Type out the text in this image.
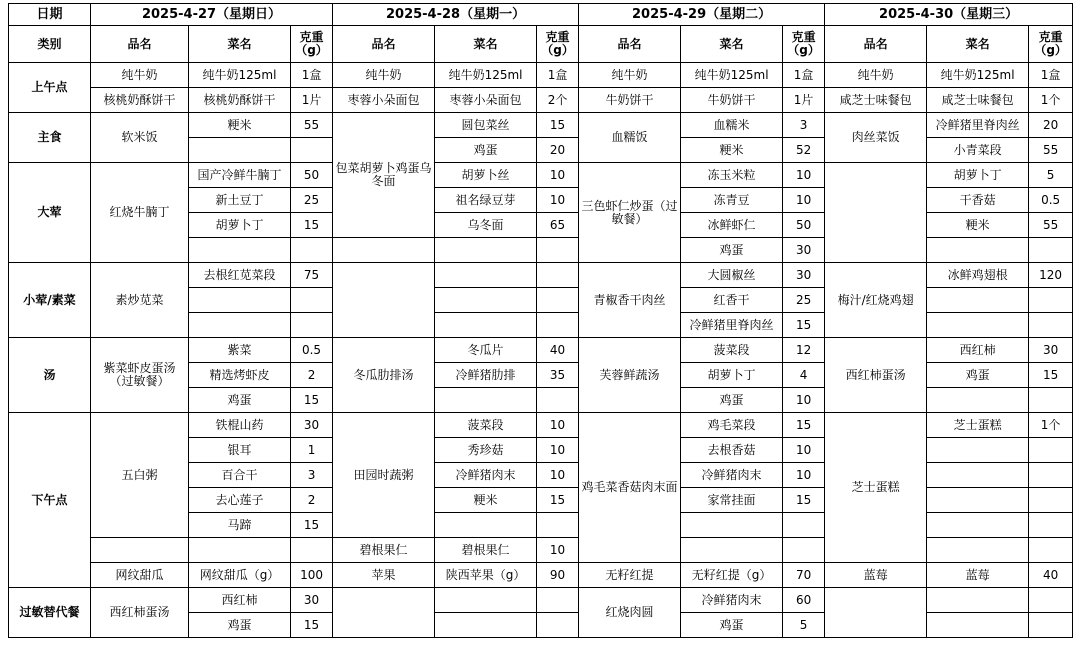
日期	2025-4-27（星期日）			2025-4-28（星期一）			2025-4-29（星期二）			2025-4-30（星期三）		
类别	品名	菜名	克重（g）	品名	菜名	克重（g）	品名	菜名	克重（g）	品名	菜名	克重（g）
上午点	纯牛奶	纯牛奶125ml	1盒	纯牛奶	纯牛奶125ml	1盒	纯牛奶	纯牛奶125ml	1盒	纯牛奶	纯牛奶125ml	1盒
	核桃奶酥饼干	核桃奶酥饼干	1片	枣蓉小朵面包	枣蓉小朵面包	2个	牛奶饼干	牛奶饼干	1片	咸芝士味餐包	咸芝士味餐包	1个
主食	软米饭	粳米	55	包菜胡萝卜鸡蛋乌冬面	圆包菜丝	15	血糯饭	血糯米	3	肉丝菜饭	冷鲜猪里脊肉丝	20
					鸡蛋	20		粳米	52		小青菜段	55
大荤	红烧牛腩丁	国产冷鲜牛腩丁	50		胡萝卜丝	10	三色虾仁炒蛋（过敏餐）	冻玉米粒	10		胡萝卜丁	5
		新土豆丁	25		祖名绿豆芽	10		冻青豆	10		干香菇	0.5
		胡萝卜丁	15		乌冬面	65		冰鲜虾仁	50		粳米	55
								鸡蛋	30			
小荤/素菜	素炒苋菜	去根红苋菜段	75				青椒香干肉丝	大圆椒丝	30	梅汁/红烧鸡翅	冰鲜鸡翅根	120
								红香干	25			
								冷鲜猪里脊肉丝	15			
汤	紫菜虾皮蛋汤（过敏餐）	紫菜	0.5	冬瓜肋排汤	冬瓜片	40	芙蓉鲜蔬汤	菠菜段	12	西红柿蛋汤	西红柿	30
		精选烤虾皮	2		冷鲜猪肋排	35		胡萝卜丁	4		鸡蛋	15
		鸡蛋	15					鸡蛋	10			
下午点	五白粥	铁棍山药	30	田园时蔬粥	菠菜段	10	鸡毛菜香菇肉末面	鸡毛菜段	15	芝士蛋糕	芝士蛋糕	1个
		银耳	1		秀珍菇	10		去根香菇	10			
		百合干	3		冷鲜猪肉末	10		冷鲜猪肉末	10			
		去心莲子	2		粳米	15		家常挂面	15			
		马蹄	15									
				碧根果仁	碧根果仁	10						
	网纹甜瓜	网纹甜瓜（g）	100	苹果	陕西苹果（g）	90	无籽红提	无籽红提（g）	70	蓝莓	蓝莓	40
过敏替代餐	西红柿蛋汤	西红柿	30				红烧肉圆	冷鲜猪肉末	60			
		鸡蛋	15					鸡蛋	5			
